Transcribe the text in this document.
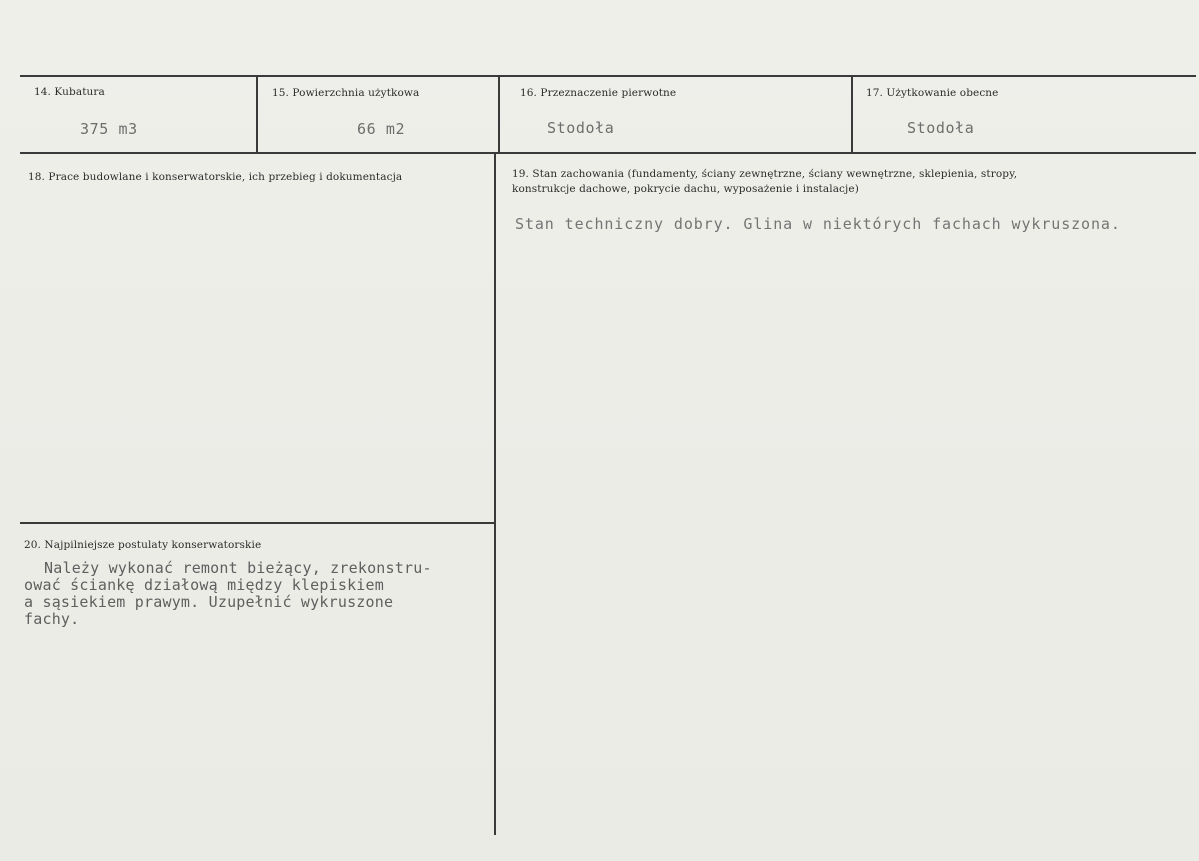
14. Kubatura
375 m3
15. Powierzchnia użytkowa
66 m2
16. Przeznaczenie pierwotne
Stodoła
17. Użytkowanie obecne
Stodoła
18. Prace budowlane i konserwatorskie, ich przebieg i dokumentacja	19. Stan zachowania (fundamenty, ściany zewnętrzne, ściany wewnętrzne, sklepienia, stropy,
konstrukcje dachowe, pokrycie dachu, wyposażenie i instalacje)
Stan techniczny dobry. Glina w niektórych fachach wykruszona.
20. Najpilniejsze postulaty konserwatorskie
Należy wykonać remont bieżący, zrekonstru-
ować ściankę działową między klepiskiem
a sąsiekiem prawym. Uzupełnić wykruszone
fachy.
